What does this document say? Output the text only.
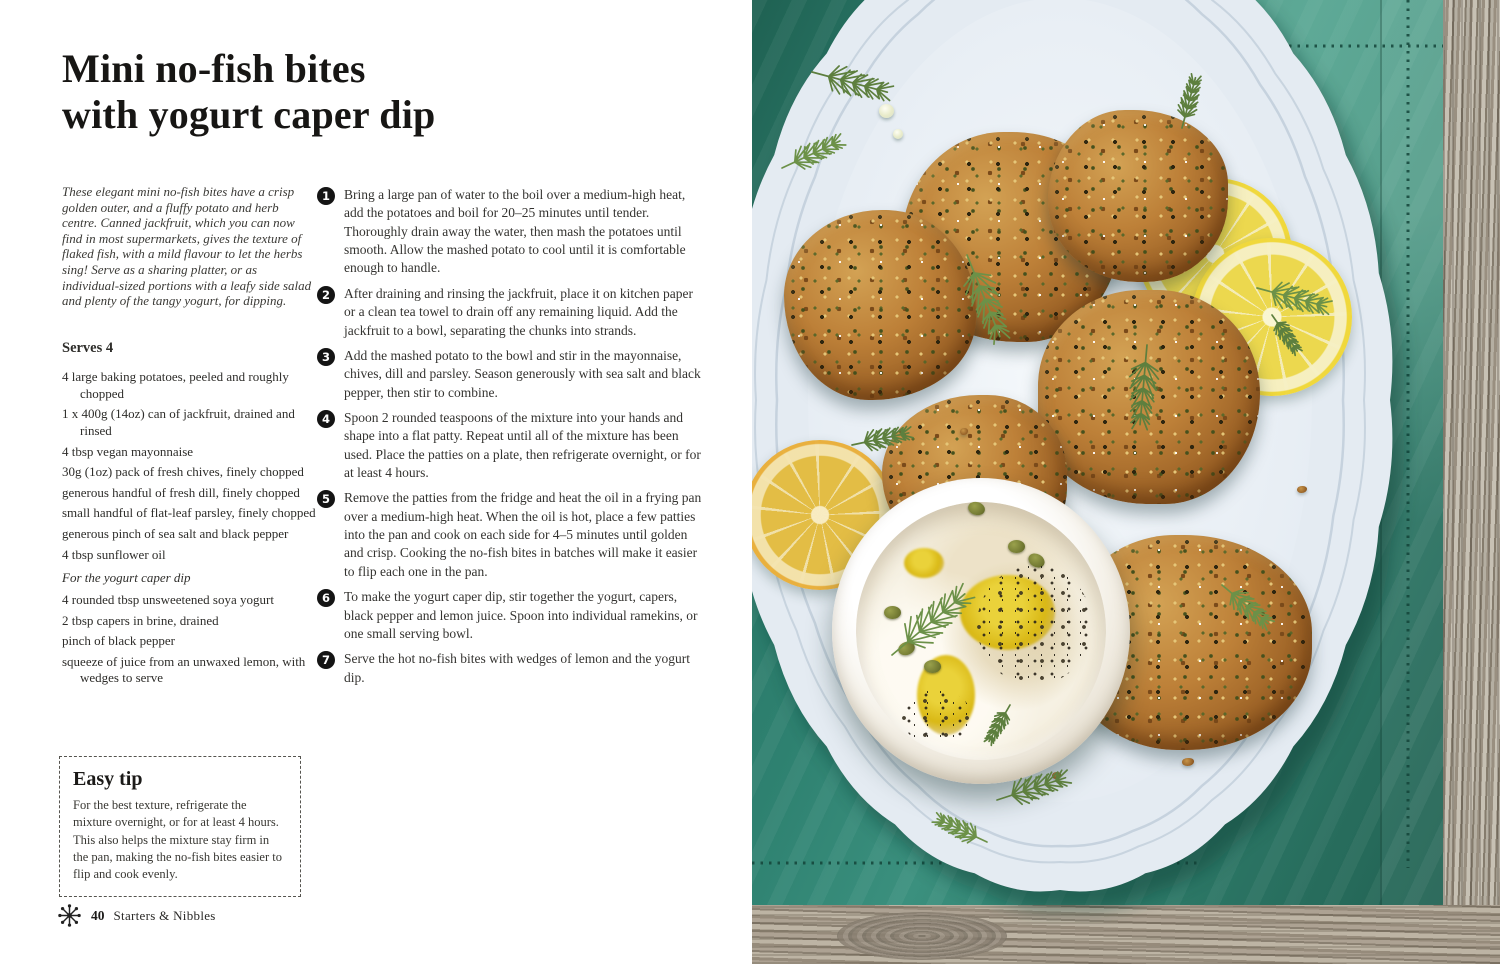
Mini no-fish bites
with yogurt caper dip
These elegant mini no-fish bites have a crisp golden outer, and a fluffy potato and herb centre. Canned jackfruit, which you can now find in most supermarkets, gives the texture of flaked fish, with a mild flavour to let the herbs sing! Serve as a sharing platter, or as individual-sized portions with a leafy side salad and plenty of the tangy yogurt, for dipping.
Serves 4
4 large baking potatoes, peeled and roughly chopped
1 x 400g (14oz) can of jackfruit, drained and rinsed
4 tbsp vegan mayonnaise
30g (1oz) pack of fresh chives, finely chopped
generous handful of fresh dill, finely chopped
small handful of flat-leaf parsley, finely chopped
generous pinch of sea salt and black pepper
4 tbsp sunflower oil
For the yogurt caper dip
4 rounded tbsp unsweetened soya yogurt
2 tbsp capers in brine, drained
pinch of black pepper
squeeze of juice from an unwaxed lemon, with wedges to serve
1	Bring a large pan of water to the boil over a medium-high heat, add the potatoes and boil for 20–25 minutes until tender. Thoroughly drain away the water, then mash the potatoes until smooth. Allow the mashed potato to cool until it is comfortable enough to handle.
2	After draining and rinsing the jackfruit, place it on kitchen paper or a clean tea towel to drain off any remaining liquid. Add the jackfruit to a bowl, separating the chunks into strands.
3	Add the mashed potato to the bowl and stir in the mayonnaise, chives, dill and parsley. Season generously with sea salt and black pepper, then stir to combine.
4	Spoon 2 rounded teaspoons of the mixture into your hands and shape into a flat patty. Repeat until all of the mixture has been used. Place the patties on a plate, then refrigerate overnight, or for at least 4 hours.
5	Remove the patties from the fridge and heat the oil in a frying pan over a medium-high heat. When the oil is hot, place a few patties into the pan and cook on each side for 4–5 minutes until golden and crisp. Cooking the no-fish bites in batches will make it easier to flip each one in the pan.
6	To make the yogurt caper dip, stir together the yogurt, capers, black pepper and lemon juice. Spoon into individual ramekins, or one small serving bowl.
7	Serve the hot no-fish bites with wedges of lemon and the yogurt dip.
Easy tip
For the best texture, refrigerate the mixture overnight, or for at least 4 hours. This also helps the mixture stay firm in the pan, making the no-fish bites easier to flip and cook evenly.
40 Starters & Nibbles
